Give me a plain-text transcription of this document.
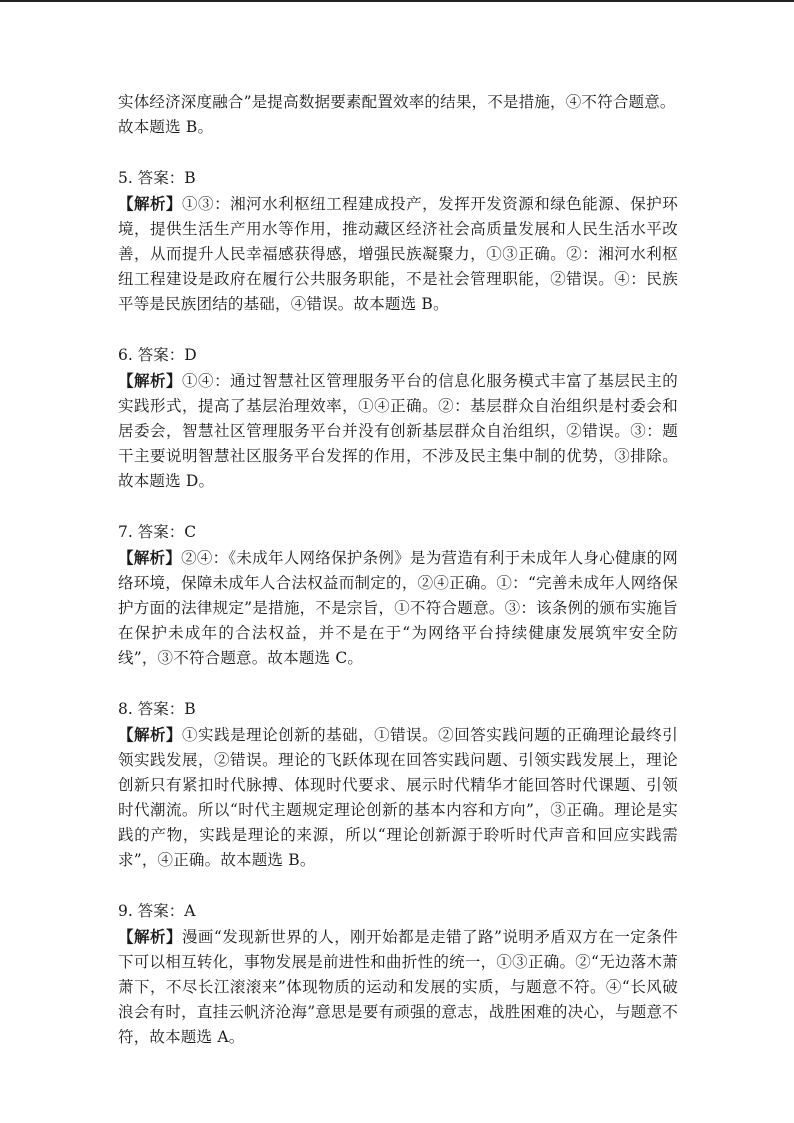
实体经济深度融合”是提高数据要素配置效率的结果，不是措施，④不符合题意。

故本题选 B。

5. 答案：B

【解析】①③：湘河水利枢纽工程建成投产，发挥开发资源和绿色能源、保护环境，提供生活生产用水等作用，推动藏区经济社会高质量发展和人民生活水平改善，从而提升人民幸福感获得感，增强民族凝聚力，①③正确。②：湘河水利枢纽工程建设是政府在履行公共服务职能，不是社会管理职能，②错误。④：民族平等是民族团结的基础，④错误。故本题选 B。

6. 答案：D

【解析】①④：通过智慧社区管理服务平台的信息化服务模式丰富了基层民主的实践形式，提高了基层治理效率，①④正确。②：基层群众自治组织是村委会和居委会，智慧社区管理服务平台并没有创新基层群众自治组织，②错误。③：题干主要说明智慧社区服务平台发挥的作用，不涉及民主集中制的优势，③排除。故本题选 D。

7. 答案：C

【解析】②④：《未成年人网络保护条例》是为营造有利于未成年人身心健康的网络环境，保障未成年人合法权益而制定的，②④正确。①：“完善未成年人网络保护方面的法律规定”是措施，不是宗旨，①不符合题意。③：该条例的颁布实施旨在保护未成年的合法权益，并不是在于“为网络平台持续健康发展筑牢安全防线”，③不符合题意。故本题选 C。

8. 答案：B

【解析】①实践是理论创新的基础，①错误。②回答实践问题的正确理论最终引领实践发展，②错误。理论的飞跃体现在回答实践问题、引领实践发展上，理论创新只有紧扣时代脉搏、体现时代要求、展示时代精华才能回答时代课题、引领时代潮流。所以“时代主题规定理论创新的基本内容和方向”，③正确。理论是实践的产物，实践是理论的来源，所以“理论创新源于聆听时代声音和回应实践需求”，④正确。故本题选 B。

9. 答案：A

【解析】漫画“发现新世界的人，刚开始都是走错了路”说明矛盾双方在一定条件下可以相互转化，事物发展是前进性和曲折性的统一，①③正确。②“无边落木萧萧下，不尽长江滚滚来”体现物质的运动和发展的实质，与题意不符。④“长风破浪会有时，直挂云帆济沧海”意思是要有顽强的意志，战胜困难的决心，与题意不符，故本题选 A。
